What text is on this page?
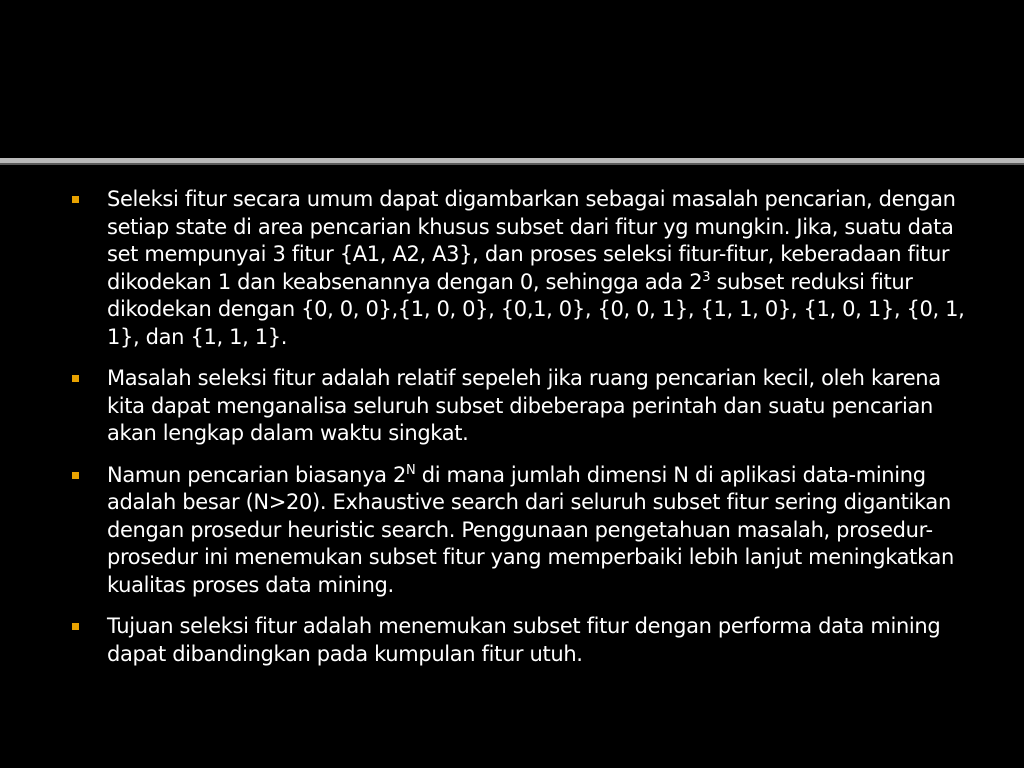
Seleksi fitur secara umum dapat digambarkan sebagai masalah pencarian, dengan setiap state di area pencarian khusus subset dari fitur yg mungkin. Jika, suatu data set mempunyai 3 fitur {A1, A2, A3}, dan proses seleksi fitur-fitur, keberadaan fitur dikodekan 1 dan keabsenannya dengan 0, sehingga ada $2^3$ subset reduksi fitur dikodekan dengan {0, 0, 0},{1, 0, 0}, {0,1, 0}, {0, 0, 1}, {1, 1, 0}, {1, 0, 1}, {0, 1, 1}, dan {1, 1, 1}.
Masalah seleksi fitur adalah relatif sepeleh jika ruang pencarian kecil, oleh karena kita dapat menganalisa seluruh subset dibeberapa perintah dan suatu pencarian akan lengkap dalam waktu singkat.
Namun pencarian biasanya $2^N$ di mana jumlah dimensi N di aplikasi data-mining adalah besar (N>20). Exhaustive search dari seluruh subset fitur sering digantikan dengan prosedur heuristic search. Penggunaan pengetahuan masalah, prosedur-prosedur ini menemukan subset fitur yang memperbaiki lebih lanjut meningkatkan kualitas proses data mining.
Tujuan seleksi fitur adalah menemukan subset fitur dengan performa data mining dapat dibandingkan pada kumpulan fitur utuh.
